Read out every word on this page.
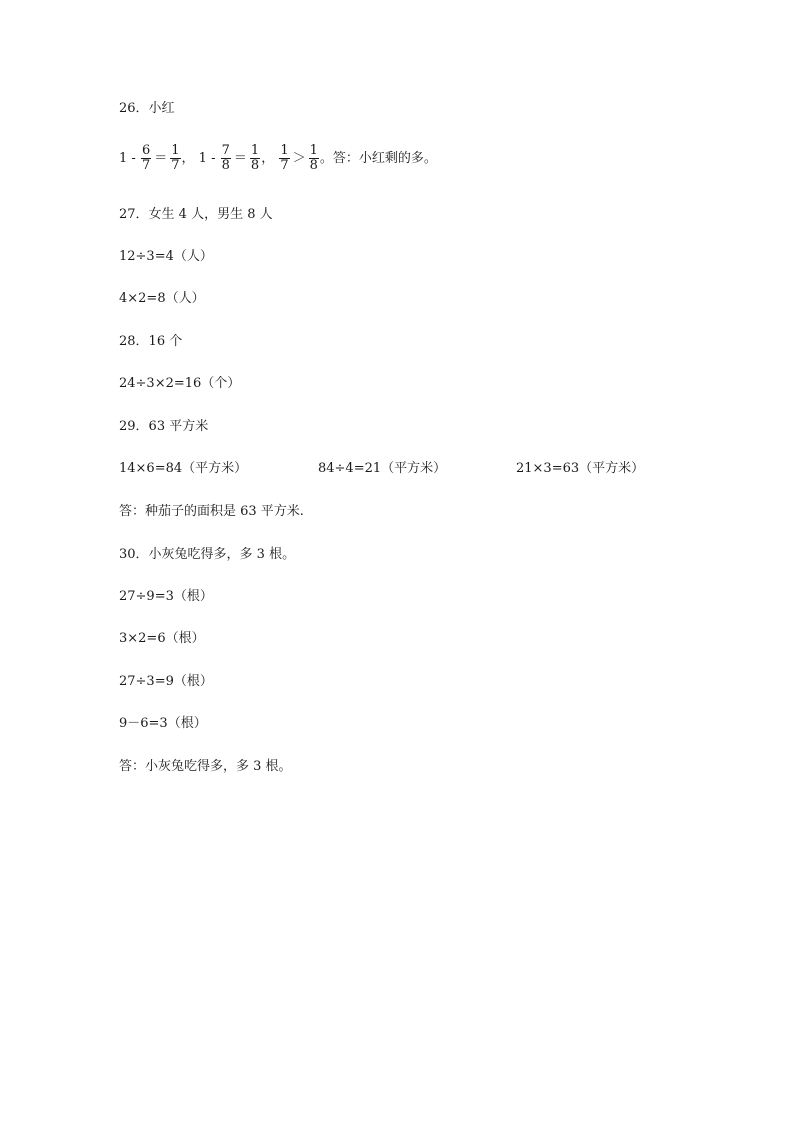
26．小红
$1 - \frac{6}{7} = \frac{1}{7}$ ， $1 - \frac{7}{8} = \frac{1}{8}$ ， $\frac{1}{7} > \frac{1}{8}$ 。答：小红剩的多。
27．女生 4 人，男生 8 人
12÷3=4（人）
4×2=8（人）
28．16 个
24÷3×2=16（个）
29．63 平方米
14×6=84（平方米）	84÷4=21（平方米）	21×3=63（平方米）
答：种茄子的面积是 63 平方米.
30．小灰兔吃得多，多 3 根。
27÷9=3（根）
3×2=6（根）
27÷3=9（根）
9－6=3（根）
答：小灰兔吃得多，多 3 根。
